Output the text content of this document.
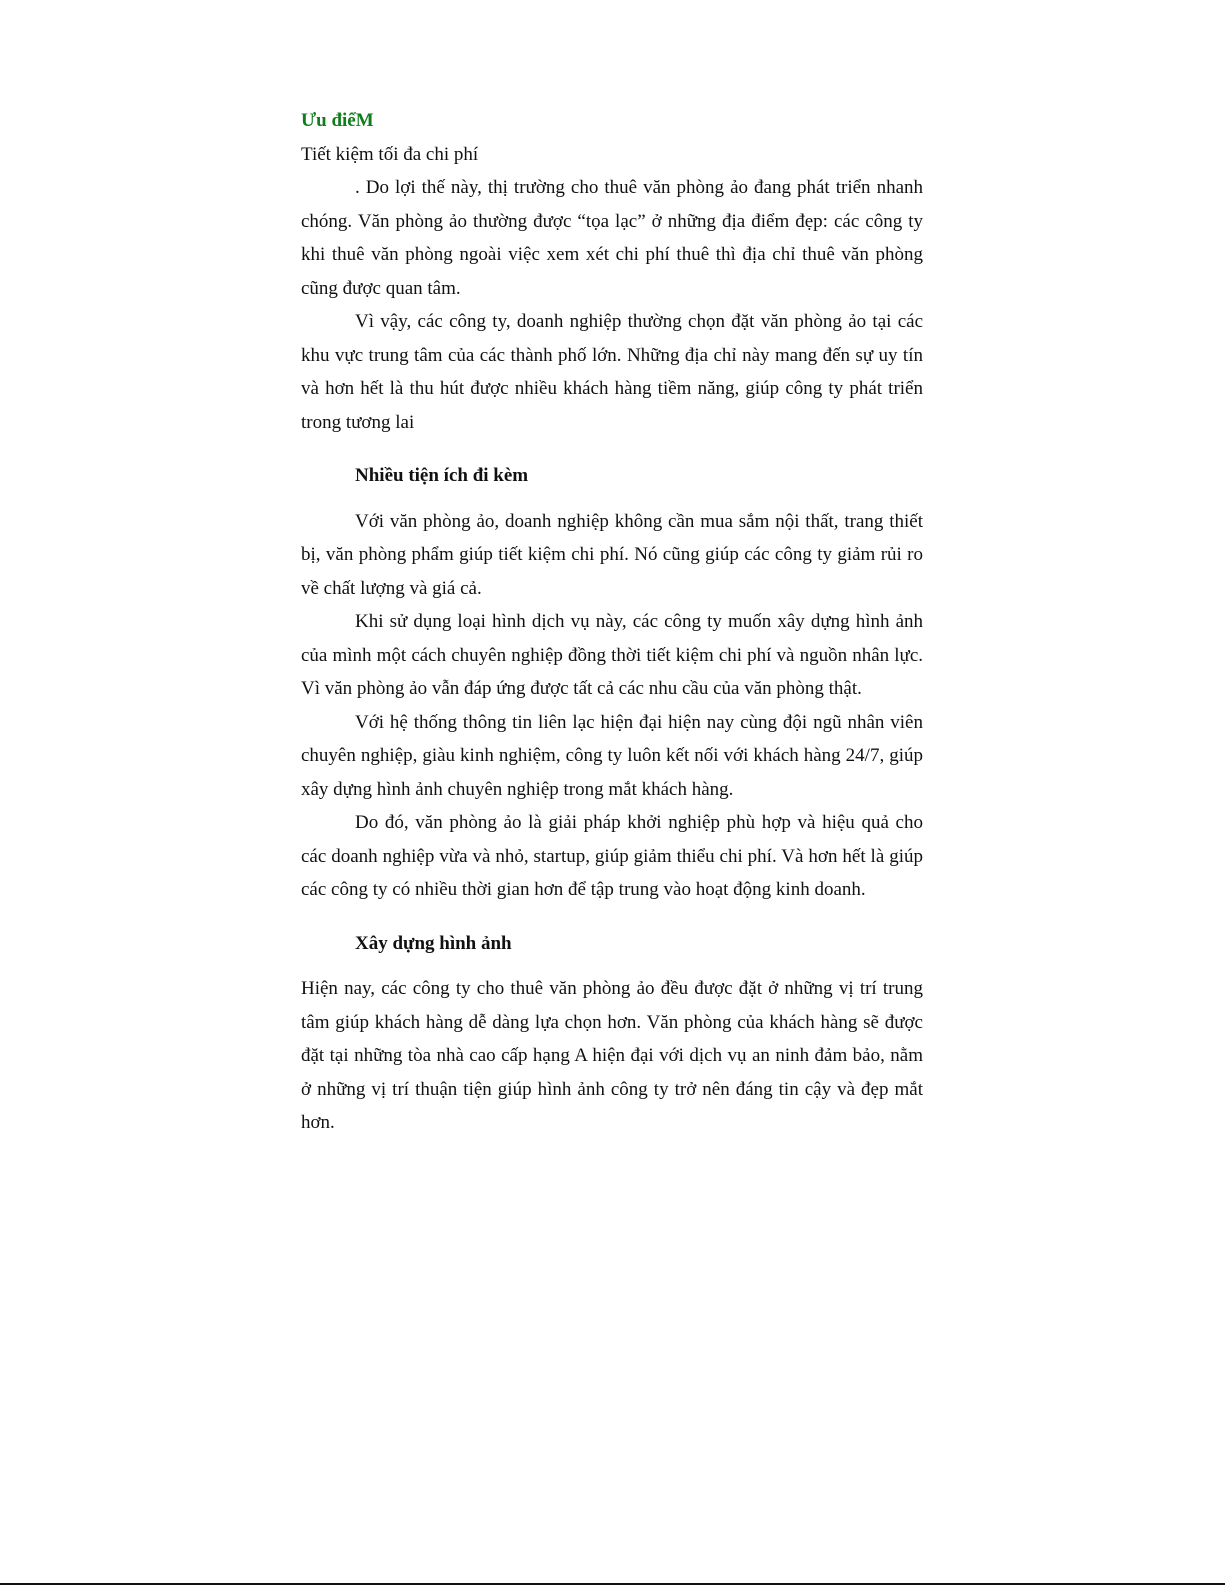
Ưu điểM

Tiết kiệm tối đa chi phí

. Do lợi thế này, thị trường cho thuê văn phòng ảo đang phát triển nhanh chóng. Văn phòng ảo thường được “tọa lạc” ở những địa điểm đẹp: các công ty khi thuê văn phòng ngoài việc xem xét chi phí thuê thì địa chỉ thuê văn phòng cũng được quan tâm.

Vì vậy, các công ty, doanh nghiệp thường chọn đặt văn phòng ảo tại các khu vực trung tâm của các thành phố lớn. Những địa chỉ này mang đến sự uy tín và hơn hết là thu hút được nhiều khách hàng tiềm năng, giúp công ty phát triển trong tương lai

Nhiều tiện ích đi kèm

Với văn phòng ảo, doanh nghiệp không cần mua sắm nội thất, trang thiết bị, văn phòng phẩm giúp tiết kiệm chi phí. Nó cũng giúp các công ty giảm rủi ro về chất lượng và giá cả.

Khi sử dụng loại hình dịch vụ này, các công ty muốn xây dựng hình ảnh của mình một cách chuyên nghiệp đồng thời tiết kiệm chi phí và nguồn nhân lực. Vì văn phòng ảo vẫn đáp ứng được tất cả các nhu cầu của văn phòng thật.

Với hệ thống thông tin liên lạc hiện đại hiện nay cùng đội ngũ nhân viên chuyên nghiệp, giàu kinh nghiệm, công ty luôn kết nối với khách hàng 24/7, giúp xây dựng hình ảnh chuyên nghiệp trong mắt khách hàng.

Do đó, văn phòng ảo là giải pháp khởi nghiệp phù hợp và hiệu quả cho các doanh nghiệp vừa và nhỏ, startup, giúp giảm thiểu chi phí. Và hơn hết là giúp các công ty có nhiều thời gian hơn để tập trung vào hoạt động kinh doanh.

Xây dựng hình ảnh

Hiện nay, các công ty cho thuê văn phòng ảo đều được đặt ở những vị trí trung tâm giúp khách hàng dễ dàng lựa chọn hơn. Văn phòng của khách hàng sẽ được đặt tại những tòa nhà cao cấp hạng A hiện đại với dịch vụ an ninh đảm bảo, nằm ở những vị trí thuận tiện giúp hình ảnh công ty trở nên đáng tin cậy và đẹp mắt hơn.
